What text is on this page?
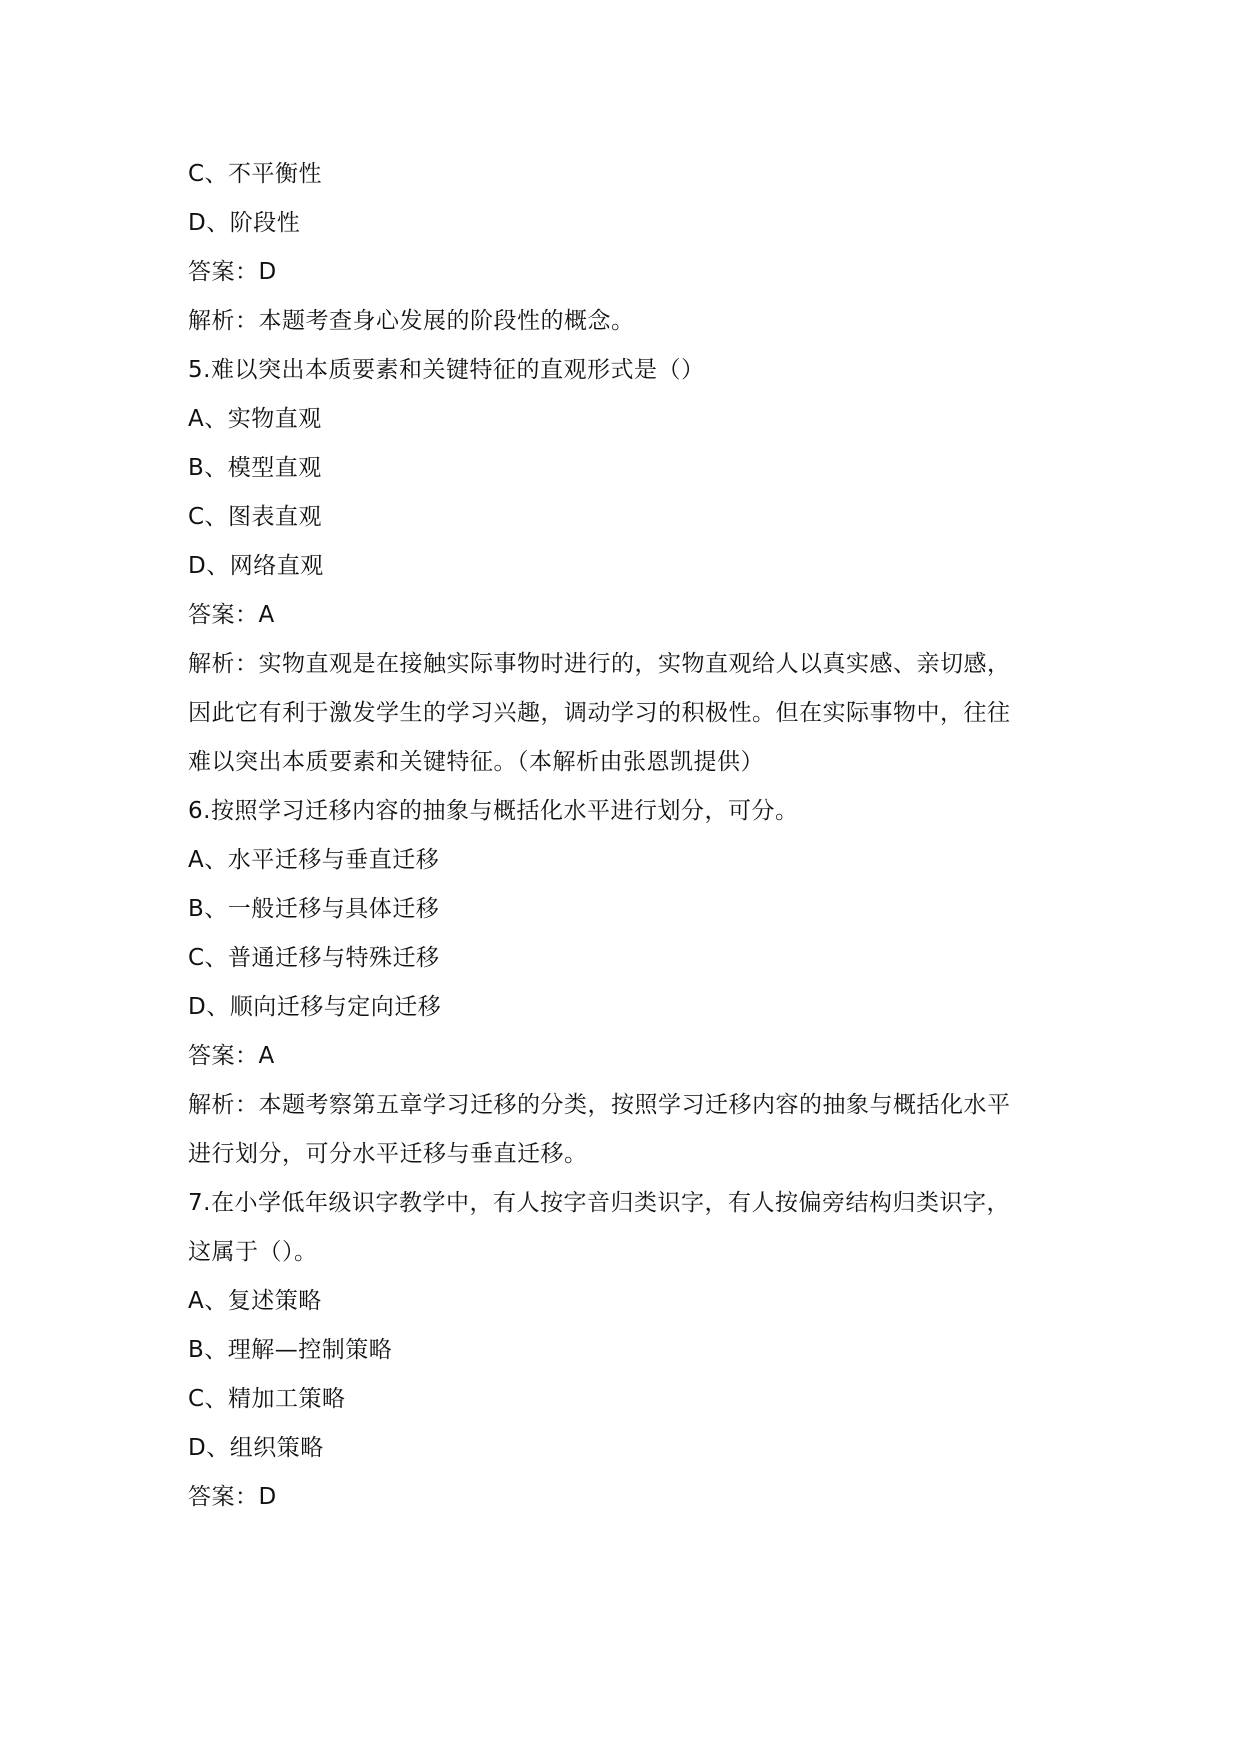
C、不平衡性
D、阶段性
答案：D
解析：本题考查身心发展的阶段性的概念。
5.难以突出本质要素和关键特征的直观形式是（）
A、实物直观
B、模型直观
C、图表直观
D、网络直观
答案：A
解析：实物直观是在接触实际事物时进行的，实物直观给人以真实感、亲切感，
因此它有利于激发学生的学习兴趣，调动学习的积极性。但在实际事物中，往往
难以突出本质要素和关键特征。（本解析由张恩凯提供）
6.按照学习迁移内容的抽象与概括化水平进行划分，可分。
A、水平迁移与垂直迁移
B、一般迁移与具体迁移
C、普通迁移与特殊迁移
D、顺向迁移与定向迁移
答案：A
解析：本题考察第五章学习迁移的分类，按照学习迁移内容的抽象与概括化水平
进行划分，可分水平迁移与垂直迁移。
7.在小学低年级识字教学中，有人按字音归类识字，有人按偏旁结构归类识字，
这属于（）。
A、复述策略
B、理解—控制策略
C、精加工策略
D、组织策略
答案：D
